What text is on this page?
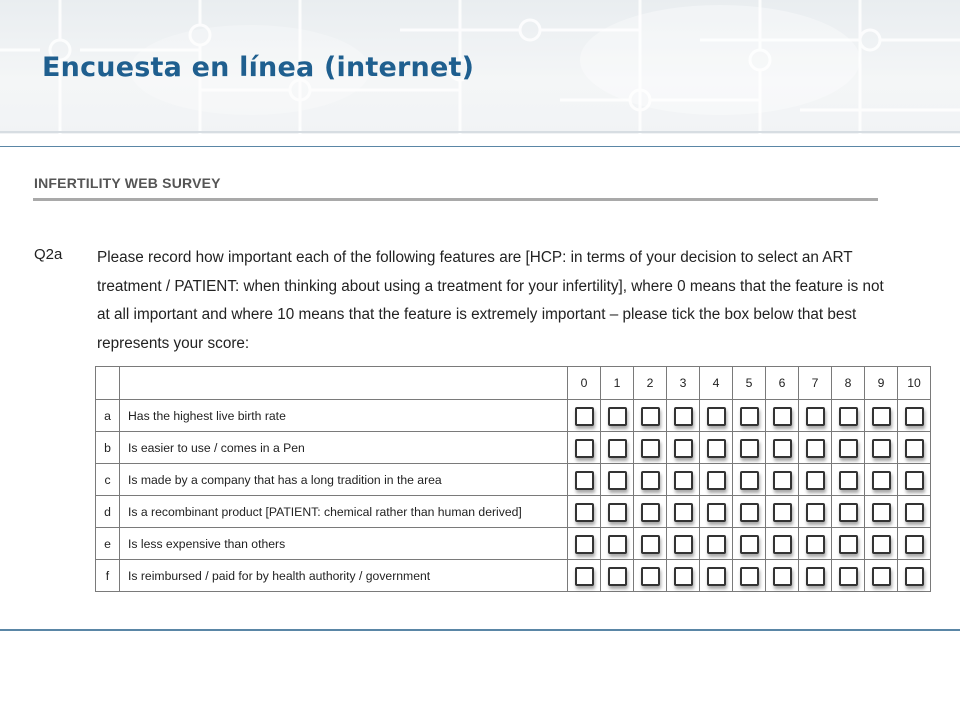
Encuesta en línea (internet)
INFERTILITY WEB SURVEY
Q2a Please record how important each of the following features are [HCP: in terms of your decision to select an ART treatment / PATIENT: when thinking about using a treatment for your infertility], where 0 means that the feature is not at all important and where 10 means that the feature is extremely important – please tick the box below that best represents your score:
		0	1	2	3	4	5	6	7	8	9	10
a	Has the highest live birth rate											
b	Is easier to use / comes in a Pen											
c	Is made by a company that has a long tradition in the area											
d	Is a recombinant product [PATIENT: chemical rather than human derived]											
e	Is less expensive than others											
f	Is reimbursed / paid for by health authority / government											
